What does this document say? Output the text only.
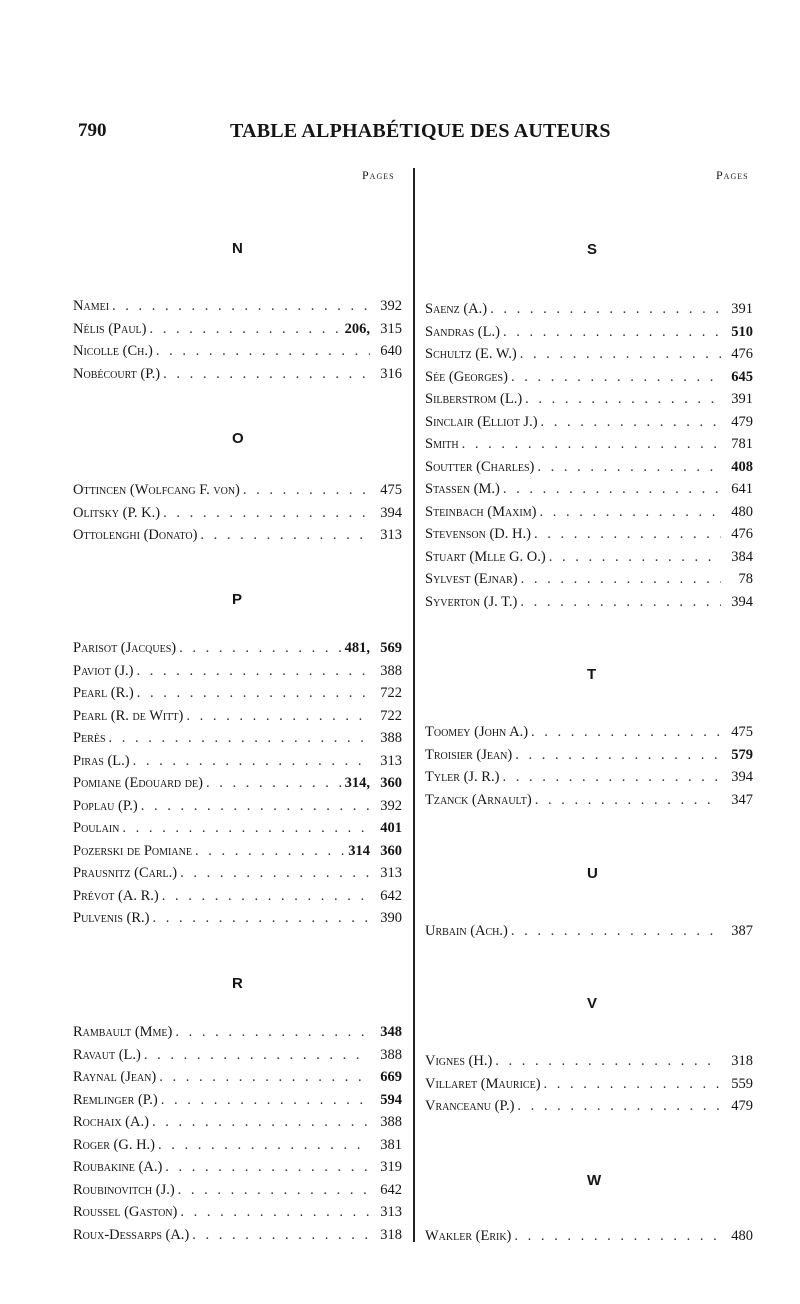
790	TABLE ALPHABÉTIQUE DES AUTEURS
Pages	Pages
N
Namei . . .	392
Nélis (Paul) . . .	206, 315
Nicolle (Ch.) . . .	640
Nobécourt (P.) . . .	316
O
Ottincen (Wolfcang F. von) . . .	475
Olitsky (P. K.) . . .	394
Ottolenghi (Donato) . . .	313
P
Parisot (Jacques) . . .	481, 569
Paviot (J.) . . .	388
Pearl (R.) . . .	722
Pearl (R. de Witt) . . .	722
Perès . . .	388
Piras (L.) . . .	313
Pomiane (Edouard de) . . .	314, 360
Poplau (P.) . . .	392
Poulain . . .	401
Pozerski de Pomiane . . .	314 360
Prausnitz (Carl.) . . .	313
Prévot (A. R.) . . .	642
Pulvenis (R.) . . .	390
R
Rambault (Mme) . . .	348
Ravaut (L.) . . .	388
Raynal (Jean) . . .	669
Remlinger (P.) . . .	594
Rochaix (A.) . . .	388
Roger (G. H.) . . .	381
Roubakine (A.) . . .	319
Roubinovitch (J.) . . .	642
Roussel (Gaston) . . .	313
Roux-Dessarps (A.) . . .	318
S
Saenz (A.) . . .	391
Sandras (L.) . . .	510
Schultz (E. W.) . . .	476
Sée (Georges) . . .	645
Silberstrom (L.) . . .	391
Sinclair (Elliot J.) . . .	479
Smith . . .	781
Soutter (Charles) . . .	408
Stassen (M.) . . .	641
Steinbach (Maxim) . . .	480
Stevenson (D. H.) . . .	476
Stuart (Mlle G. O.) . . .	384
Sylvest (Ejnar) . . .	78
Syverton (J. T.) . . .	394
T
Toomey (John A.) . . .	475
Troisier (Jean) . . .	579
Tyler (J. R.) . . .	394
Tzanck (Arnault) . . .	347
U
Urbain (Ach.) . . .	387
V
Vignes (H.) . . .	318
Villaret (Maurice) . . .	559
Vranceanu (P.) . . .	479
W
Wakler (Erik) . . .	480
